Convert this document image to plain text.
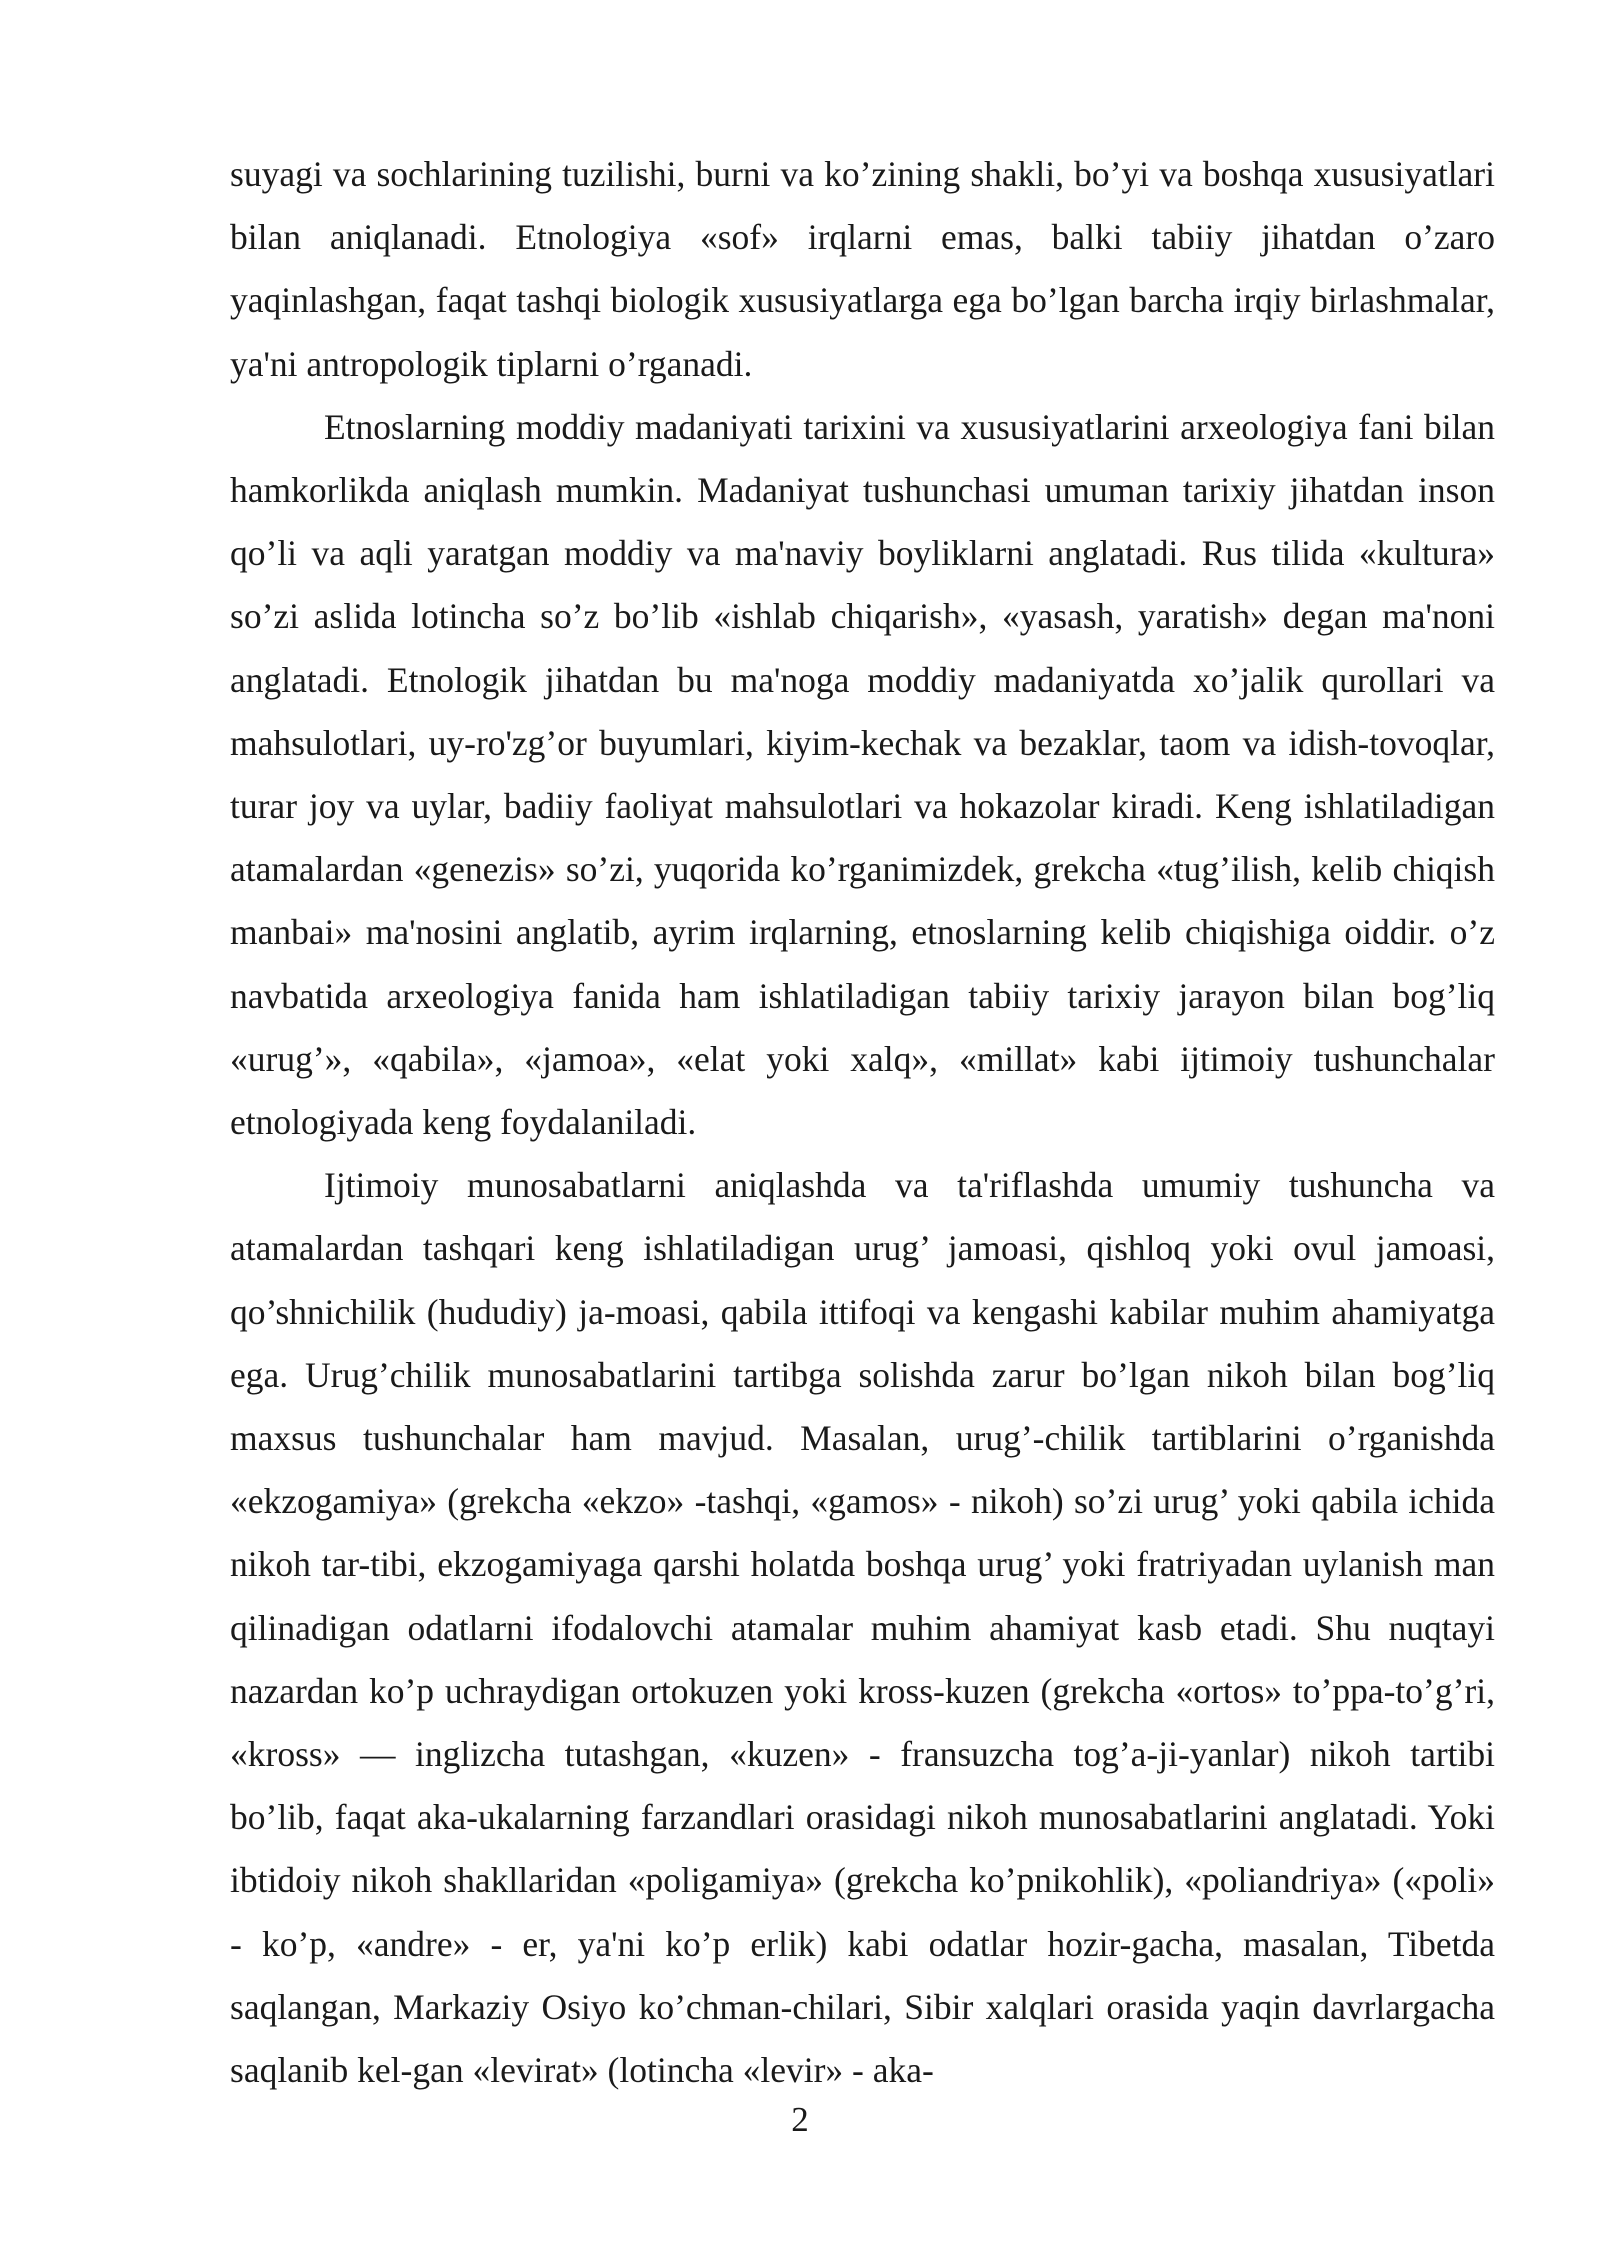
suyagi va sochlarining tuzilishi, burni va ko’zining shakli, bo’yi va boshqa xususiyatlari bilan aniqlanadi. Etnologiya «sof» irqlarni emas, balki tabiiy jihatdan o’zaro yaqinlashgan, faqat tashqi biologik xususiyatlarga ega bo’lgan barcha irqiy birlashmalar, ya'ni antropologik tiplarni o’rganadi.

Etnoslarning moddiy madaniyati tarixini va xususiyatlarini arxeologiya fani bilan hamkorlikda aniqlash mumkin. Madaniyat tushunchasi umuman tarixiy jihatdan inson qo’li va aqli yaratgan moddiy va ma'naviy boyliklarni anglatadi. Rus tilida «kultura» so’zi aslida lotincha so’z bo’lib «ishlab chiqarish», «yasash, yaratish» degan ma'noni anglatadi. Etnologik jihatdan bu ma'noga moddiy madaniyatda xo’jalik qurollari va mahsulotlari, uy-ro'zg’or buyumlari, kiyim-kechak va bezaklar, taom va idish-tovoqlar, turar joy va uylar, badiiy faoliyat mahsulotlari va hokazolar kiradi. Keng ishlatiladigan atamalardan «genezis» so’zi, yuqorida ko’rganimizdek, grekcha «tug’ilish, kelib chiqish manbai» ma'nosini anglatib, ayrim irqlarning, etnoslarning kelib chiqishiga oiddir. o’z navbatida arxeologiya fanida ham ishlatiladigan tabiiy tarixiy jarayon bilan bog’liq «urug’», «qabila», «jamoa», «elat yoki xalq», «millat» kabi ijtimoiy tushunchalar etnologiyada keng foydalaniladi.

Ijtimoiy munosabatlarni aniqlashda va ta'riflashda umumiy tushuncha va atamalardan tashqari keng ishlatiladigan urug’ jamoasi, qishloq yoki ovul jamoasi, qo’shnichilik (hududiy) ja-moasi, qabila ittifoqi va kengashi kabilar muhim ahamiyatga ega. Urug’chilik munosabatlarini tartibga solishda zarur bo’lgan nikoh bilan bog’liq maxsus tushunchalar ham mavjud. Masalan, urug’-chilik tartiblarini o’rganishda «ekzogamiya» (grekcha «ekzo» -tashqi, «gamos» - nikoh) so’zi urug’ yoki qabila ichida nikoh tar-tibi, ekzogamiyaga qarshi holatda boshqa urug’ yoki fratriyadan uylanish man qilinadigan odatlarni ifodalovchi atamalar muhim ahamiyat kasb etadi. Shu nuqtayi nazardan ko’p uchraydigan ortokuzen yoki kross-kuzen (grekcha «ortos» to’ppa-to’g’ri, «kross» — inglizcha tutashgan, «kuzen» - fransuzcha tog’a-ji-yanlar) nikoh tartibi bo’lib, faqat aka-ukalarning farzandlari orasidagi nikoh munosabatlarini anglatadi. Yoki ibtidoiy nikoh shakllaridan «poligamiya» (grekcha ko’pnikohlik), «poliandriya» («poli» - ko’p, «andre» - er, ya'ni ko’p erlik) kabi odatlar hozir-gacha, masalan, Tibetda saqlangan, Markaziy Osiyo ko’chman-chilari, Sibir xalqlari orasida yaqin davrlargacha saqlanib kel-gan «levirat» (lotincha «levir» - aka-

2
